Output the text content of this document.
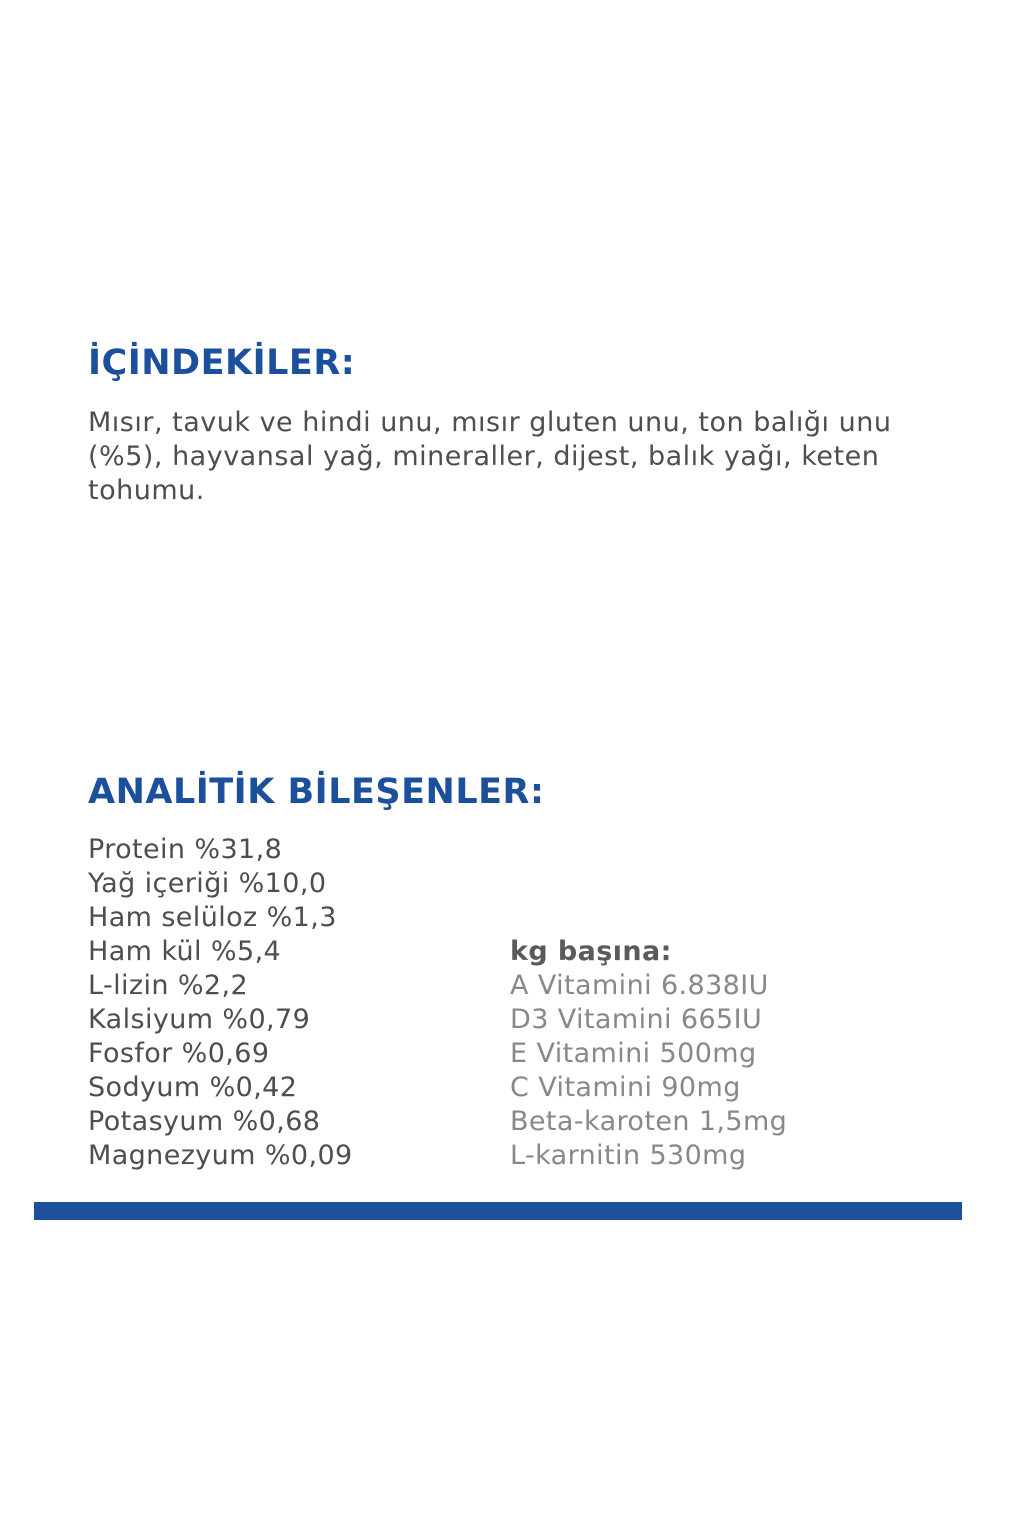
İÇİNDEKİLER:

Mısır, tavuk ve hindi unu, mısır gluten unu, ton balığı unu (%5), hayvansal yağ, mineraller, dijest, balık yağı, keten tohumu.

ANALİTİK BİLEŞENLER:
Protein %31,8
Yağ içeriği %10,0
Ham selüloz %1,3
Ham kül %5,4
L-lizin %2,2
Kalsiyum %0,79
Fosfor %0,69
Sodyum %0,42
Potasyum %0,68
Magnezyum %0,09
kg başına:
A Vitamini 6.838IU
D3 Vitamini 665IU
E Vitamini 500mg
C Vitamini 90mg
Beta-karoten 1,5mg
L-karnitin 530mg
